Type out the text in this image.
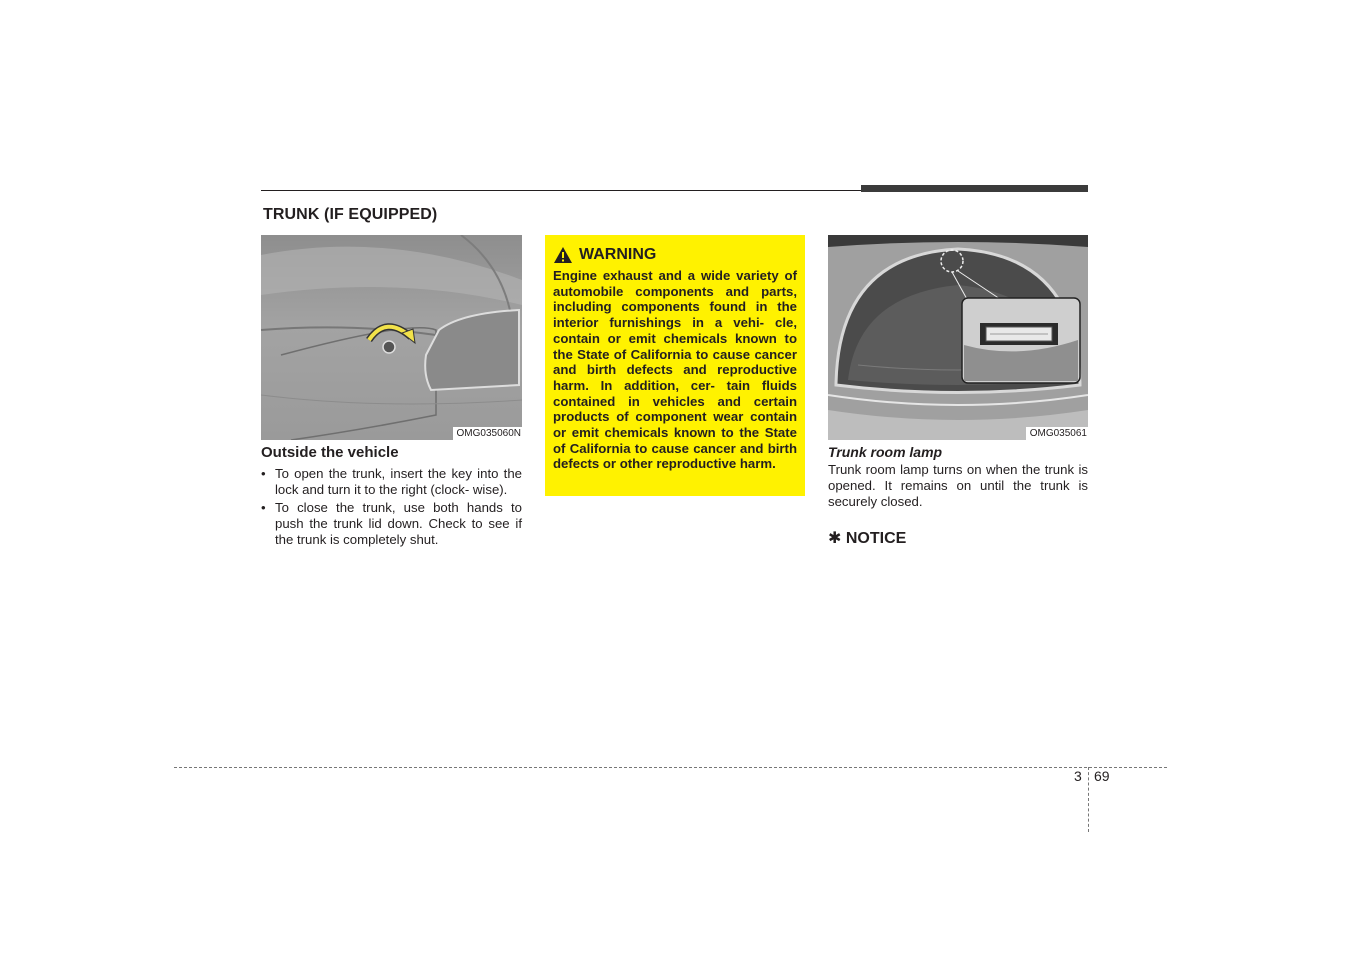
TRUNK (IF EQUIPPED)
OMG035060N
Outside the vehicle
• To open the trunk, insert the key into the lock and turn it to the right (clock- wise).
• To close the trunk, use both hands to push the trunk lid down. Check to see if the trunk is completely shut.
WARNING
Engine exhaust and a wide variety of automobile components and parts, including components found in the interior furnishings in a vehi- cle, contain or emit chemicals known to the State of California to cause cancer and birth defects and reproductive harm. In addition, cer- tain fluids contained in vehicles and certain products of component wear contain or emit chemicals known to the State of California to cause cancer and birth defects or other reproductive harm.
OMG035061
Trunk room lamp

Trunk room lamp turns on when the trunk is opened. It remains on until the trunk is securely closed.

✱ NOTICE
3 69
